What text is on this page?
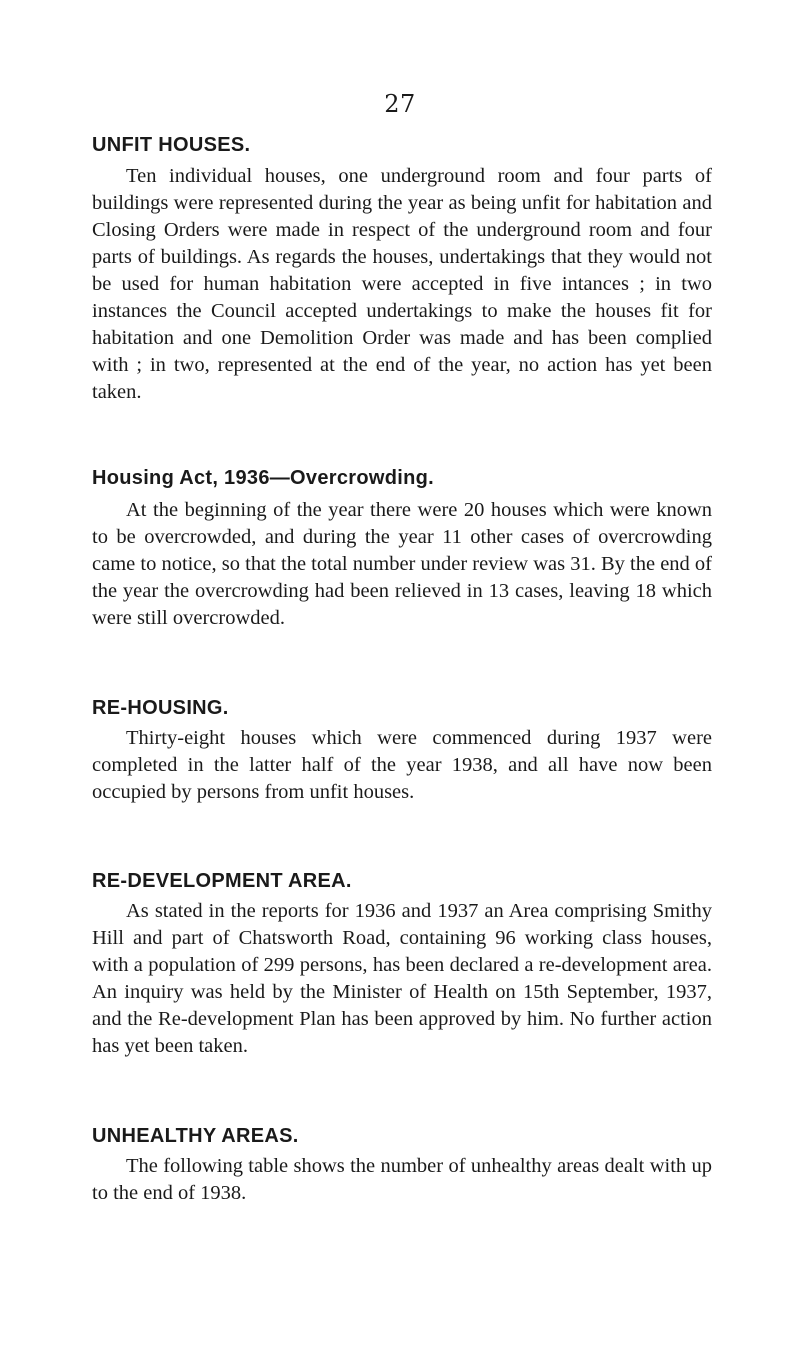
27
UNFIT HOUSES.
Ten individual houses, one underground room and four parts of buildings were represented during the year as being unfit for habitation and Closing Orders were made in respect of the underground room and four parts of buildings. As regards the houses, undertakings that they would not be used for human habitation were accepted in five intances ; in two instances the Council accepted undertakings to make the houses fit for habitation and one Demolition Order was made and has been complied with ; in two, represented at the end of the year, no action has yet been taken.
Housing Act, 1936—Overcrowding.
At the beginning of the year there were 20 houses which were known to be overcrowded, and during the year 11 other cases of overcrowding came to notice, so that the total number under review was 31. By the end of the year the overcrowding had been relieved in 13 cases, leaving 18 which were still overcrowded.
RE-HOUSING.
Thirty-eight houses which were commenced during 1937 were completed in the latter half of the year 1938, and all have now been occupied by persons from unfit houses.
RE-DEVELOPMENT AREA.
As stated in the reports for 1936 and 1937 an Area comprising Smithy Hill and part of Chatsworth Road, containing 96 working class houses, with a population of 299 persons, has been declared a re-development area. An inquiry was held by the Minister of Health on 15th September, 1937, and the Re-development Plan has been approved by him. No further action has yet been taken.
UNHEALTHY AREAS.
The following table shows the number of unhealthy areas dealt with up to the end of 1938.
